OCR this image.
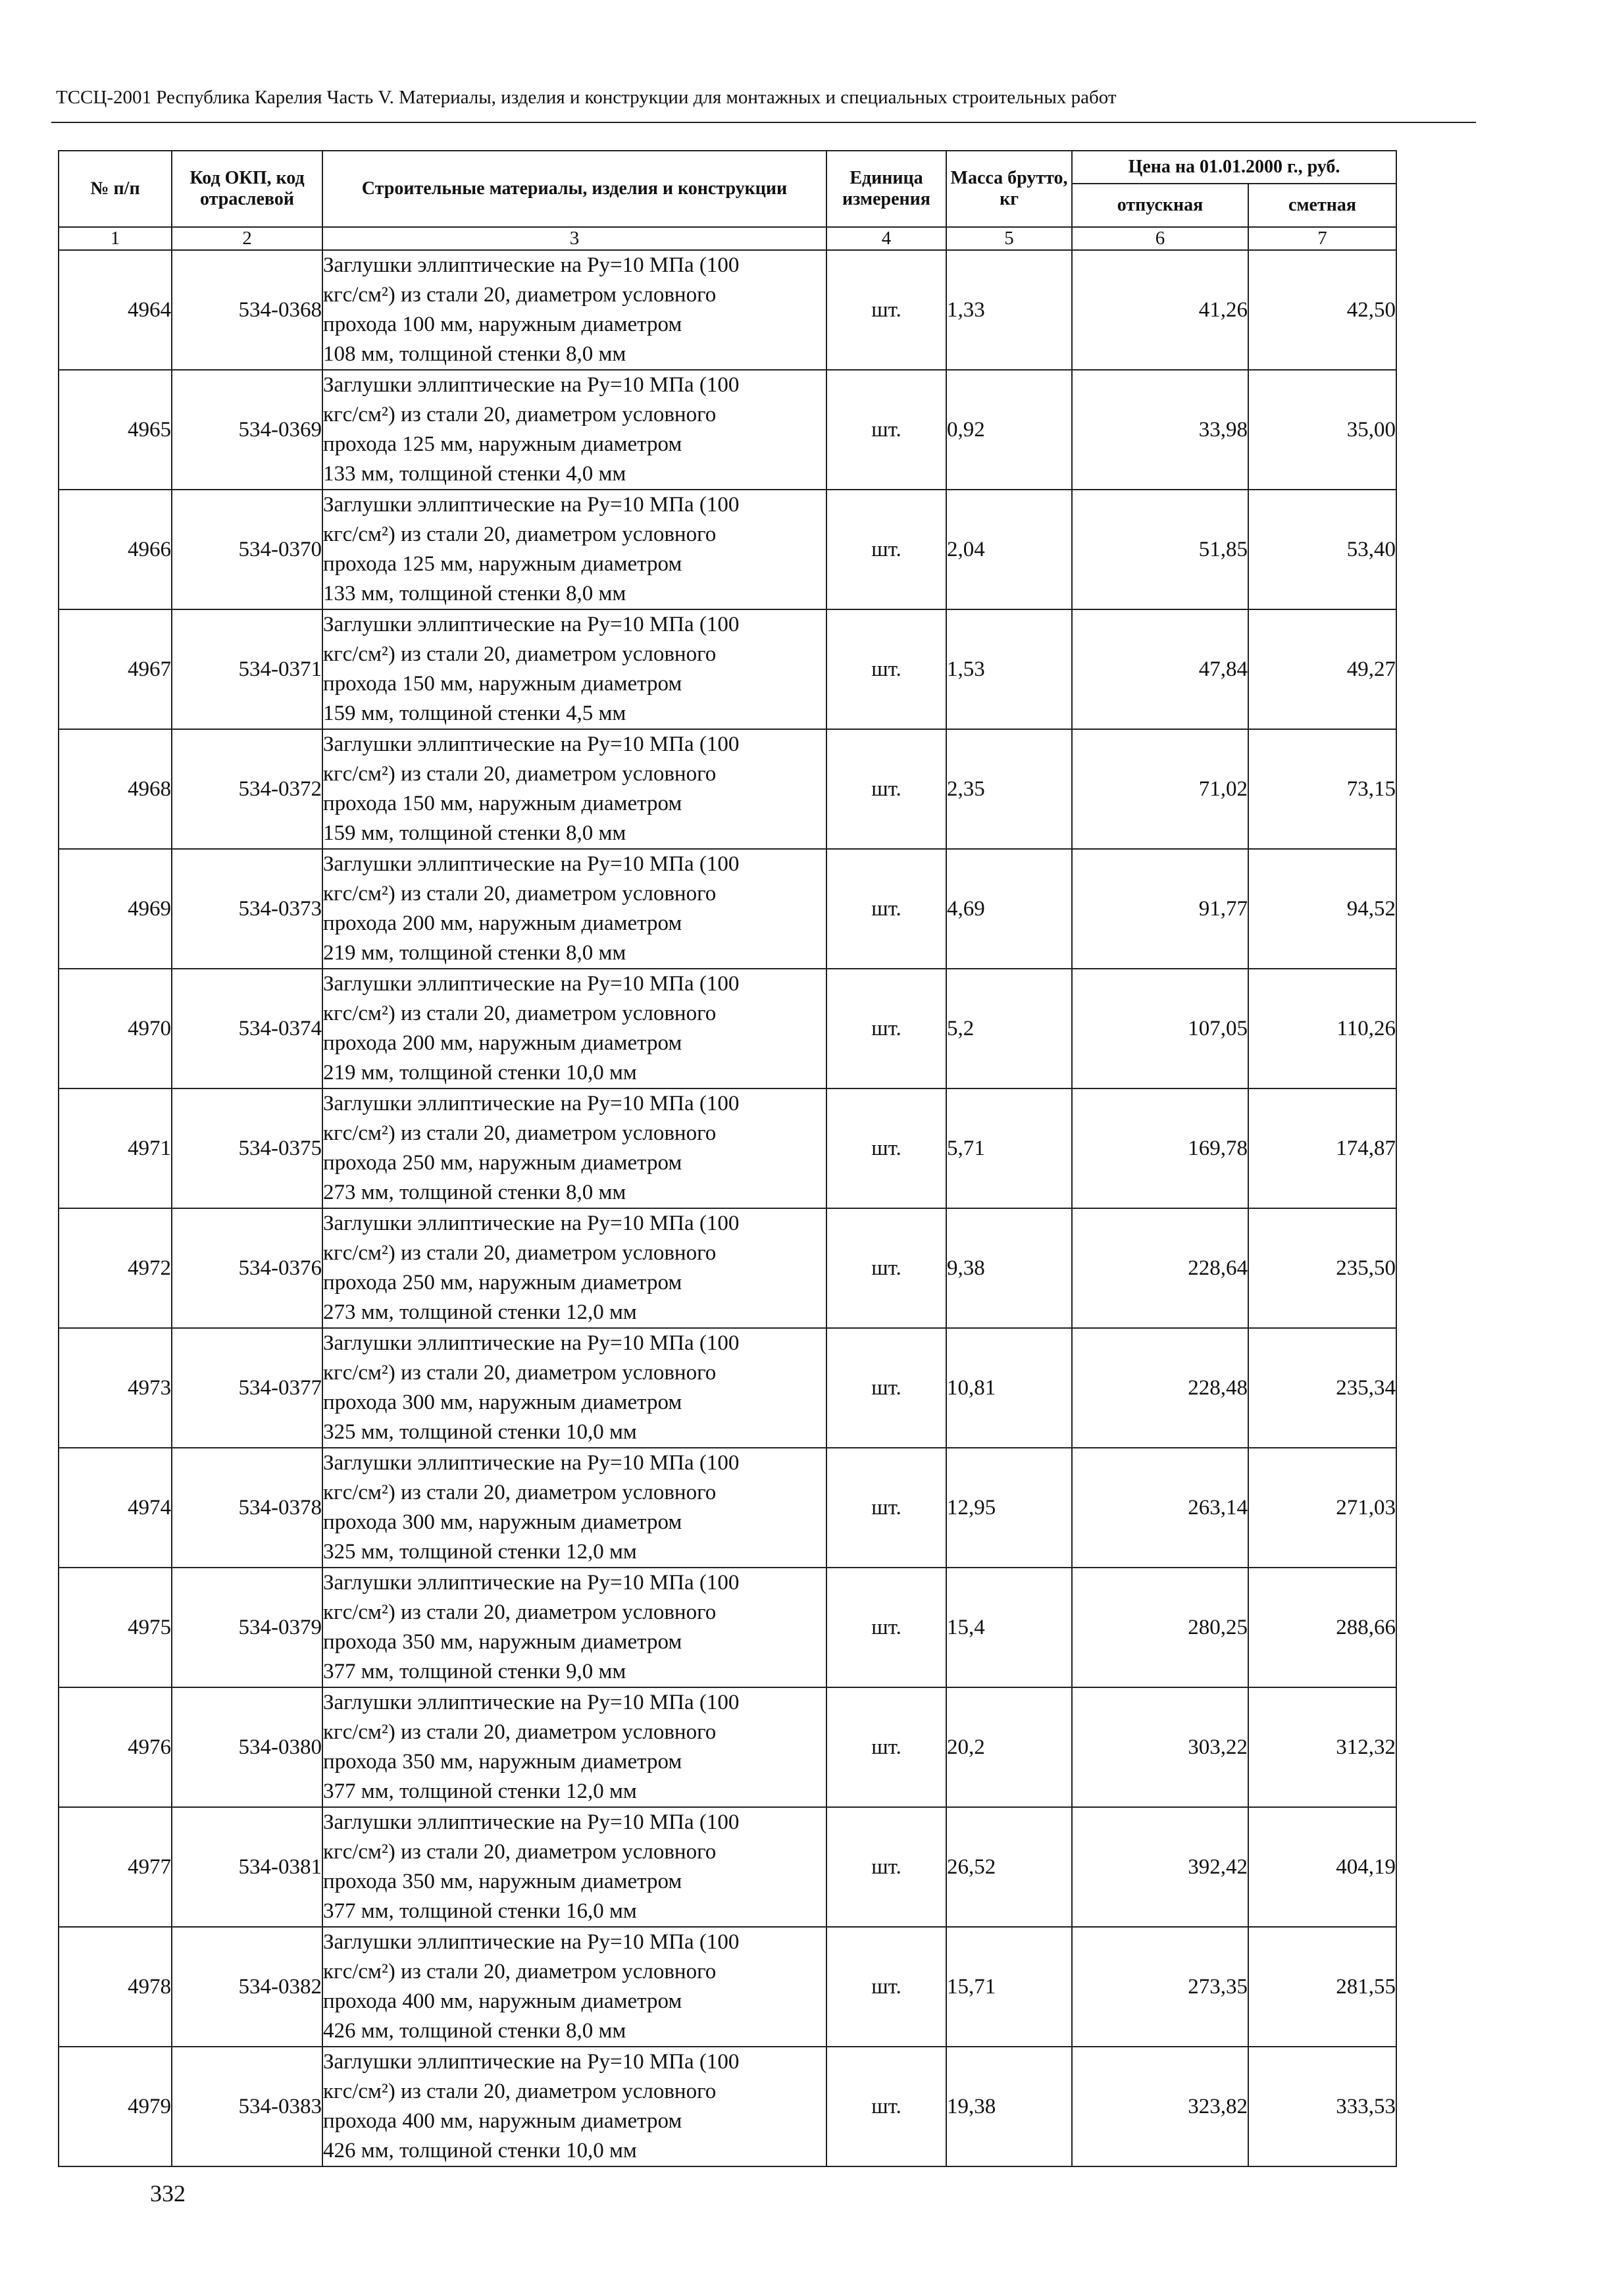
ТССЦ-2001 Республика Карелия Часть V. Материалы, изделия и конструкции для монтажных и специальных строительных работ
№ п/п	Код ОКП, код отраслевой	Строительные материалы, изделия и конструкции	Единица измерения	Масса брутто, кг	Цена на 01.01.2000 г., руб.	
					отпускная	сметная
1	2	3	4	5	6	7
4964	534-0368	Заглушки эллиптические на Ру=10 МПа (100
кгс/см²) из стали 20, диаметром условного
прохода 100 мм, наружным диаметром
108 мм, толщиной стенки 8,0 мм	шт.	1,33	41,26	42,50
4965	534-0369	Заглушки эллиптические на Ру=10 МПа (100
кгс/см²) из стали 20, диаметром условного
прохода 125 мм, наружным диаметром
133 мм, толщиной стенки 4,0 мм	шт.	0,92	33,98	35,00
4966	534-0370	Заглушки эллиптические на Ру=10 МПа (100
кгс/см²) из стали 20, диаметром условного
прохода 125 мм, наружным диаметром
133 мм, толщиной стенки 8,0 мм	шт.	2,04	51,85	53,40
4967	534-0371	Заглушки эллиптические на Ру=10 МПа (100
кгс/см²) из стали 20, диаметром условного
прохода 150 мм, наружным диаметром
159 мм, толщиной стенки 4,5 мм	шт.	1,53	47,84	49,27
4968	534-0372	Заглушки эллиптические на Ру=10 МПа (100
кгс/см²) из стали 20, диаметром условного
прохода 150 мм, наружным диаметром
159 мм, толщиной стенки 8,0 мм	шт.	2,35	71,02	73,15
4969	534-0373	Заглушки эллиптические на Ру=10 МПа (100
кгс/см²) из стали 20, диаметром условного
прохода 200 мм, наружным диаметром
219 мм, толщиной стенки 8,0 мм	шт.	4,69	91,77	94,52
4970	534-0374	Заглушки эллиптические на Ру=10 МПа (100
кгс/см²) из стали 20, диаметром условного
прохода 200 мм, наружным диаметром
219 мм, толщиной стенки 10,0 мм	шт.	5,2	107,05	110,26
4971	534-0375	Заглушки эллиптические на Ру=10 МПа (100
кгс/см²) из стали 20, диаметром условного
прохода 250 мм, наружным диаметром
273 мм, толщиной стенки 8,0 мм	шт.	5,71	169,78	174,87
4972	534-0376	Заглушки эллиптические на Ру=10 МПа (100
кгс/см²) из стали 20, диаметром условного
прохода 250 мм, наружным диаметром
273 мм, толщиной стенки 12,0 мм	шт.	9,38	228,64	235,50
4973	534-0377	Заглушки эллиптические на Ру=10 МПа (100
кгс/см²) из стали 20, диаметром условного
прохода 300 мм, наружным диаметром
325 мм, толщиной стенки 10,0 мм	шт.	10,81	228,48	235,34
4974	534-0378	Заглушки эллиптические на Ру=10 МПа (100
кгс/см²) из стали 20, диаметром условного
прохода 300 мм, наружным диаметром
325 мм, толщиной стенки 12,0 мм	шт.	12,95	263,14	271,03
4975	534-0379	Заглушки эллиптические на Ру=10 МПа (100
кгс/см²) из стали 20, диаметром условного
прохода 350 мм, наружным диаметром
377 мм, толщиной стенки 9,0 мм	шт.	15,4	280,25	288,66
4976	534-0380	Заглушки эллиптические на Ру=10 МПа (100
кгс/см²) из стали 20, диаметром условного
прохода 350 мм, наружным диаметром
377 мм, толщиной стенки 12,0 мм	шт.	20,2	303,22	312,32
4977	534-0381	Заглушки эллиптические на Ру=10 МПа (100
кгс/см²) из стали 20, диаметром условного
прохода 350 мм, наружным диаметром
377 мм, толщиной стенки 16,0 мм	шт.	26,52	392,42	404,19
4978	534-0382	Заглушки эллиптические на Ру=10 МПа (100
кгс/см²) из стали 20, диаметром условного
прохода 400 мм, наружным диаметром
426 мм, толщиной стенки 8,0 мм	шт.	15,71	273,35	281,55
4979	534-0383	Заглушки эллиптические на Ру=10 МПа (100
кгс/см²) из стали 20, диаметром условного
прохода 400 мм, наружным диаметром
426 мм, толщиной стенки 10,0 мм	шт.	19,38	323,82	333,53
332
